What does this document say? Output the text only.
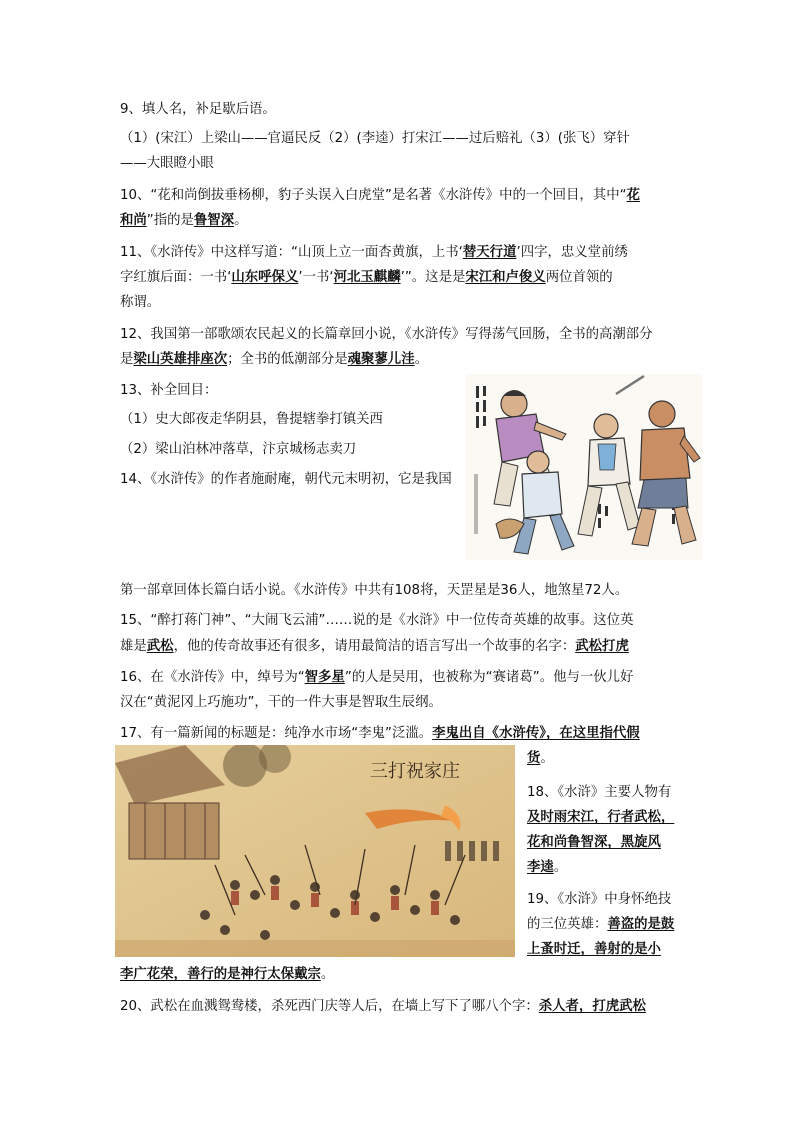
9、填人名，补足歇后语。
（1）(宋江）上梁山——官逼民反（2）(李逵）打宋江——过后赔礼（3）(张飞）穿针
——大眼瞪小眼
10、“花和尚倒拔垂杨柳，豹子头误入白虎堂”是名著《水浒传》中的一个回目，其中“花
和尚”指的是鲁智深。
11、《水浒传》中这样写道：“山顶上立一面杏黄旗，上书‘替天行道’四字，忠义堂前绣
字红旗后面：一书‘山东呼保义’一书‘河北玉麒麟’”。这是是宋江和卢俊义两位首领的
称谓。
12、我国第一部歌颂农民起义的长篇章回小说，《水浒传》写得荡气回肠，全书的高潮部分
是梁山英雄排座次；全书的低潮部分是魂聚蓼儿洼。
13、补全回目：
（1）史大郎夜走华阴县，鲁提辖拳打镇关西
（2）梁山泊林冲落草，汴京城杨志卖刀
14、《水浒传》的作者施耐庵，朝代元末明初，它是我国
第一部章回体长篇白话小说。《水浒传》中共有108将，天罡星是36人，地煞星72人。
15、“醉打蒋门神”、“大闹飞云浦”……说的是《水浒》中一位传奇英雄的故事。这位英
雄是武松，他的传奇故事还有很多，请用最简洁的语言写出一个故事的名字：武松打虎
16、在《水浒传》中，绰号为“智多星”的人是吴用，也被称为“赛诸葛”。他与一伙儿好
汉在“黄泥冈上巧施功”，干的一件大事是智取生辰纲。
17、有一篇新闻的标题是：纯净水市场“李鬼”泛滥。李鬼出自《水浒传》，在这里指代假
货。
三打祝家庄
18、《水浒》主要人物有
及时雨宋江，行者武松，
花和尚鲁智深，黑旋风
李逵。
19、《水浒》中身怀绝技
的三位英雄：善盗的是鼓
上蚤时迁，善射的是小
李广花荣，善行的是神行太保戴宗。
20、武松在血溅鸳鸯楼，杀死西门庆等人后，在墙上写下了哪八个字：杀人者，打虎武松
